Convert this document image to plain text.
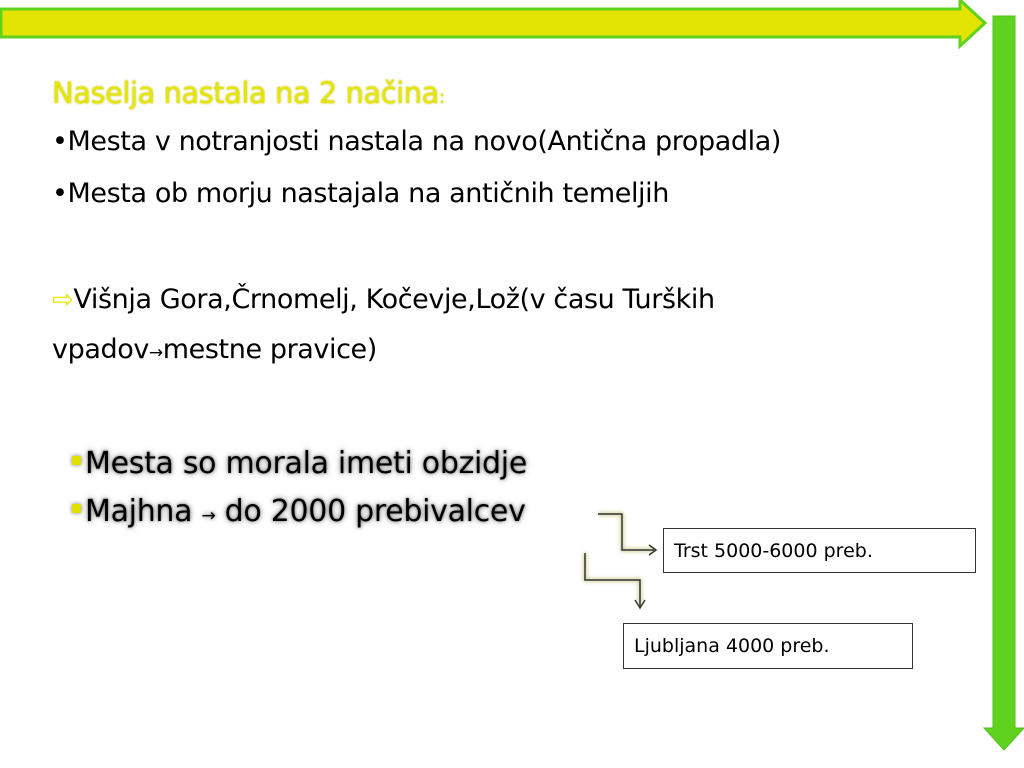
Naselja nastala na 2 načina:
•Mesta v notranjosti nastala na novo(Antična propadla)
•Mesta ob morju nastajala na antičnih temeljih
⇨Višnja Gora,Črnomelj, Kočevje,Lož(v času Turških
vpadov→mestne pravice)
Mesta so morala imeti obzidje
Majhna → do 2000 prebivalcev
Trst 5000-6000 preb.
Ljubljana 4000 preb.
